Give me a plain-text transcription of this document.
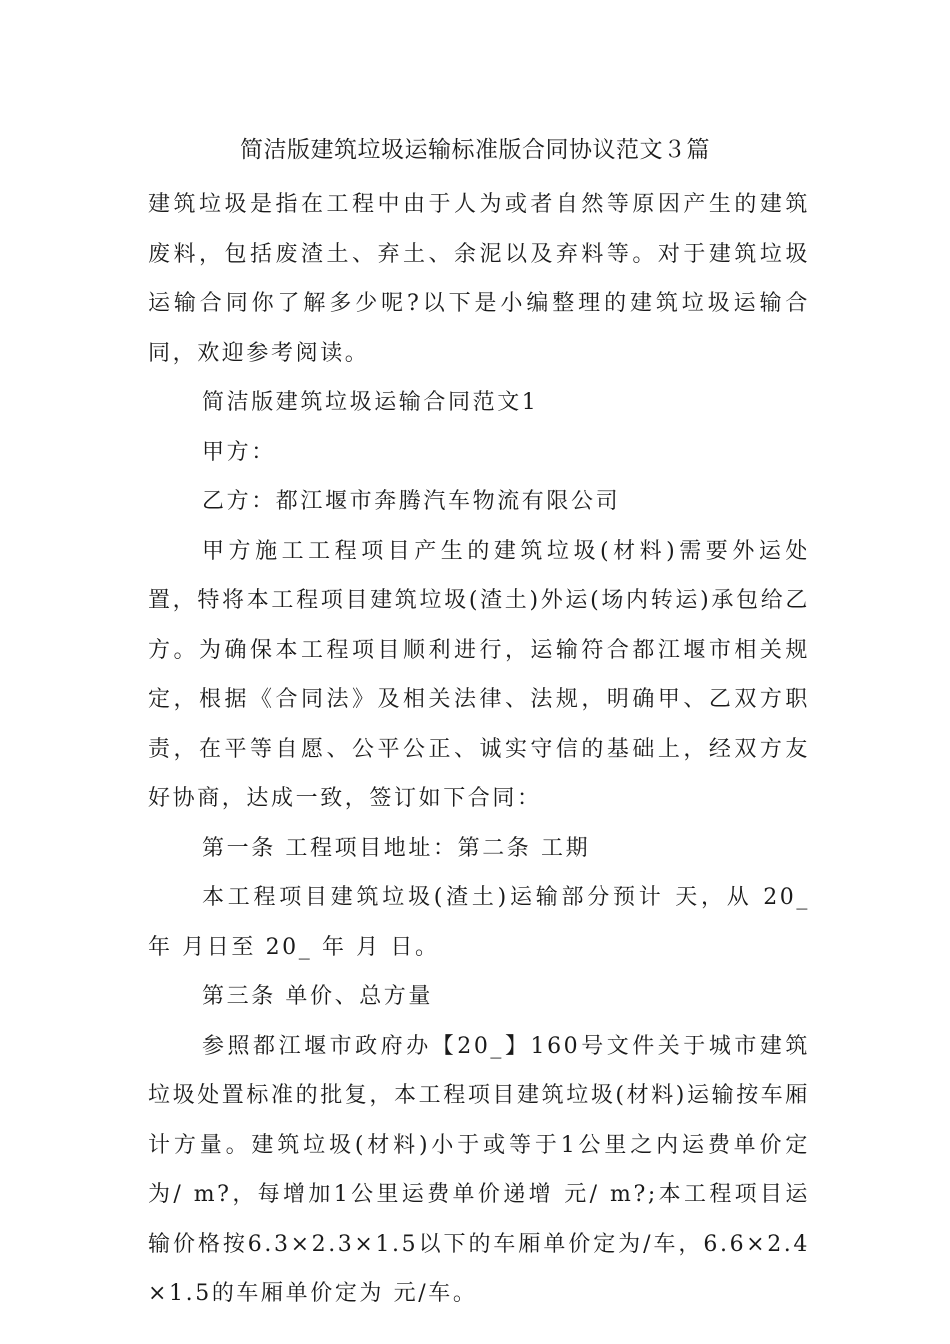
简洁版建筑垃圾运输标准版合同协议范文３篇

建筑垃圾是指在工程中由于人为或者自然等原因产生的建筑废料，包括废渣土、弃土、余泥以及弃料等。对于建筑垃圾运输合同你了解多少呢?以下是小编整理的建筑垃圾运输合同，欢迎参考阅读。

简洁版建筑垃圾运输合同范文1

甲方：

乙方：都江堰市奔腾汽车物流有限公司

甲方施工工程项目产生的建筑垃圾(材料)需要外运处置，特将本工程项目建筑垃圾(渣土)外运(场内转运)承包给乙方。为确保本工程项目顺利进行，运输符合都江堰市相关规定，根据《合同法》及相关法律、法规，明确甲、乙双方职责，在平等自愿、公平公正、诚实守信的基础上，经双方友好协商，达成一致，签订如下合同：

第一条 工程项目地址：第二条 工期

本工程项目建筑垃圾(渣土)运输部分预计 天，从 20_ 年 月日至 20_ 年 月 日。

第三条 单价、总方量

参照都江堰市政府办【20_】160号文件关于城市建筑垃圾处置标准的批复，本工程项目建筑垃圾(材料)运输按车厢计方量。建筑垃圾(材料)小于或等于1公里之内运费单价定为/ m?，每增加1公里运费单价递增 元/ m?;本工程项目运输价格按6.3×2.3×1.5以下的车厢单价定为/车，6.6×2.4×1.5的车厢单价定为 元/车。
